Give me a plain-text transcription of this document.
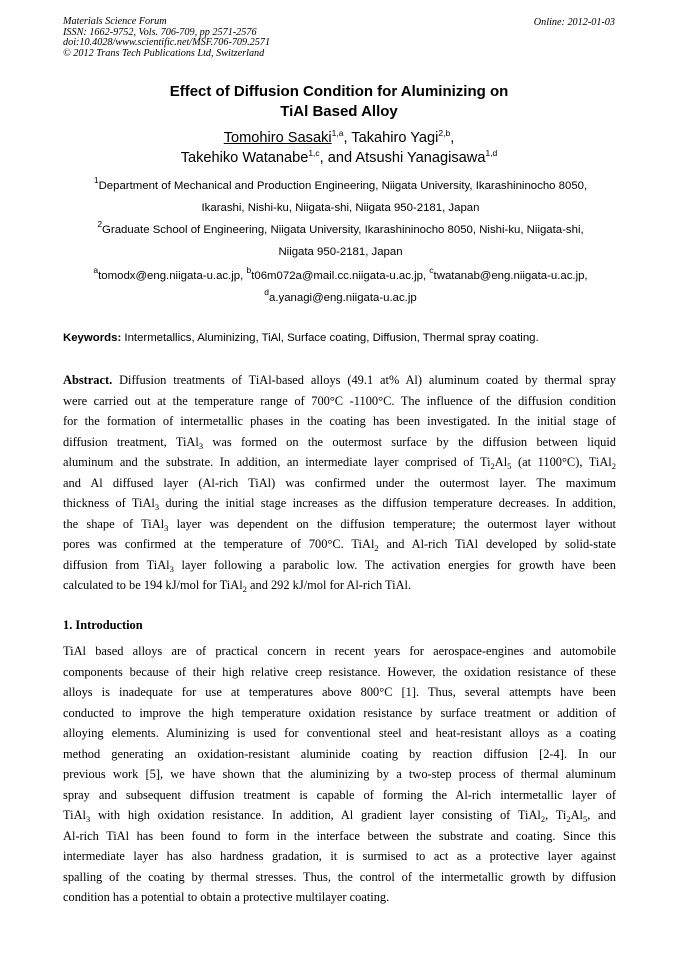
Materials Science Forum
ISSN: 1662-9752, Vols. 706-709, pp 2571-2576
doi:10.4028/www.scientific.net/MSF.706-709.2571
© 2012 Trans Tech Publications Ltd, Switzerland
Online: 2012-01-03
Effect of Diffusion Condition for Aluminizing on
TiAl Based Alloy
Tomohiro Sasaki$^{1,a}$, Takahiro Yagi$^{2,b}$,
Takehiko Watanabe$^{1,c}$, and Atsushi Yanagisawa$^{1,d}$
$^1$Department of Mechanical and Production Engineering, Niigata University, Ikarashininocho 8050,
Ikarashi, Nishi-ku, Niigata-shi, Niigata 950-2181, Japan
$^2$Graduate School of Engineering, Niigata University, Ikarashininocho 8050, Nishi-ku, Niigata-shi,
Niigata 950-2181, Japan
$^a$tomodx@eng.niigata-u.ac.jp, $^b$t06m072a@mail.cc.niigata-u.ac.jp, $^c$twatanab@eng.niigata-u.ac.jp,
$^d$a.yanagi@eng.niigata-u.ac.jp
Keywords: Intermetallics, Aluminizing, TiAl, Surface coating, Diffusion, Thermal spray coating.
Abstract. Diffusion treatments of TiAl-based alloys (49.1 at% Al) aluminum coated by thermal spray
were carried out at the temperature range of 700°C -1100°C. The influence of the diffusion condition
for the formation of intermetallic phases in the coating has been investigated. In the initial stage of
diffusion treatment, TiAl$_3$ was formed on the outermost surface by the diffusion between liquid
aluminum and the substrate. In addition, an intermediate layer comprised of $Ti_2Al_5$ (at 1100°C), TiAl$_2$
and Al diffused layer (Al-rich TiAl) was confirmed under the outermost layer. The maximum
thickness of TiAl$_3$ during the initial stage increases as the diffusion temperature decreases. In addition,
the shape of TiAl$_3$ layer was dependent on the diffusion temperature; the outermost layer without
pores was confirmed at the temperature of 700°C. TiAl$_2$ and Al-rich TiAl developed by solid-state
diffusion from TiAl$_3$ layer following a parabolic low. The activation energies for growth have been
calculated to be 194 kJ/mol for TiAl$_2$ and 292 kJ/mol for Al-rich TiAl.
1. Introduction
TiAl based alloys are of practical concern in recent years for aerospace-engines and automobile
components because of their high relative creep resistance. However, the oxidation resistance of these
alloys is inadequate for use at temperatures above 800°C [1]. Thus, several attempts have been
conducted to improve the high temperature oxidation resistance by surface treatment or addition of
alloying elements. Aluminizing is used for conventional steel and heat-resistant alloys as a coating
method generating an oxidation-resistant aluminide coating by reaction diffusion [2-4]. In our
previous work [5], we have shown that the aluminizing by a two-step process of thermal aluminum
spray and subsequent diffusion treatment is capable of forming the Al-rich intermetallic layer of
TiAl$_3$ with high oxidation resistance. In addition, Al gradient layer consisting of TiAl$_2$, $Ti_2Al_5$, and
Al-rich TiAl has been found to form in the interface between the substrate and coating. Since this
intermediate layer has also hardness gradation, it is surmised to act as a protective layer against
spalling of the coating by thermal stresses. Thus, the control of the intermetallic growth by diffusion
condition has a potential to obtain a protective multilayer coating.
